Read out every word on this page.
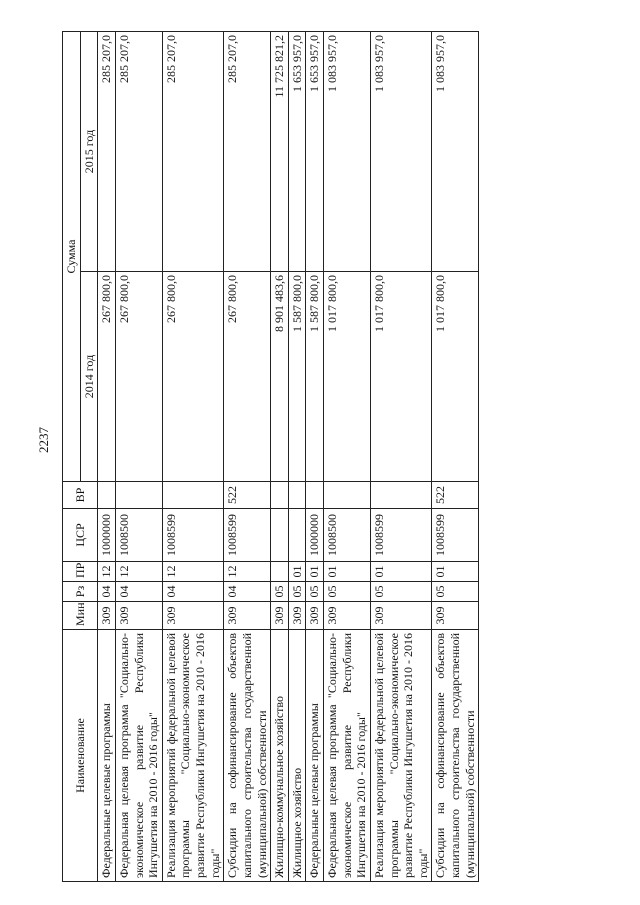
2237
Наименование	Мин	Рз	ПР	ЦСР	ВР	Сумма	
						2014 год	2015 год
Федеральные целевые программы	309	04	12	1000000		267 800,0	285 207,0
Федеральная целевая программа "Социально-экономическое развитие Республики Ингушетия на 2010 - 2016 годы"	309	04	12	1008500		267 800,0	285 207,0
Реализация мероприятий федеральной целевой программы "Социально-экономическое развитие Республики Ингушетия на 2010 - 2016 годы"	309	04	12	1008599		267 800,0	285 207,0
Субсидии на софинансирование объектов капитального строительства государственной (муниципальной) собственности	309	04	12	1008599	522	267 800,0	285 207,0
Жилищно-коммунальное хозяйство	309	05				8 901 483,6	11 725 821,2
Жилищное хозяйство	309	05	01			1 587 800,0	1 653 957,0
Федеральные целевые программы	309	05	01	1000000		1 587 800,0	1 653 957,0
Федеральная целевая программа "Социально-экономическое развитие Республики Ингушетия на 2010 - 2016 годы"	309	05	01	1008500		1 017 800,0	1 083 957,0
Реализация мероприятий федеральной целевой программы "Социально-экономическое развитие Республики Ингушетия на 2010 - 2016 годы"	309	05	01	1008599		1 017 800,0	1 083 957,0
Субсидии на софинансирование объектов капитального строительства государственной (муниципальной) собственности	309	05	01	1008599	522	1 017 800,0	1 083 957,0
